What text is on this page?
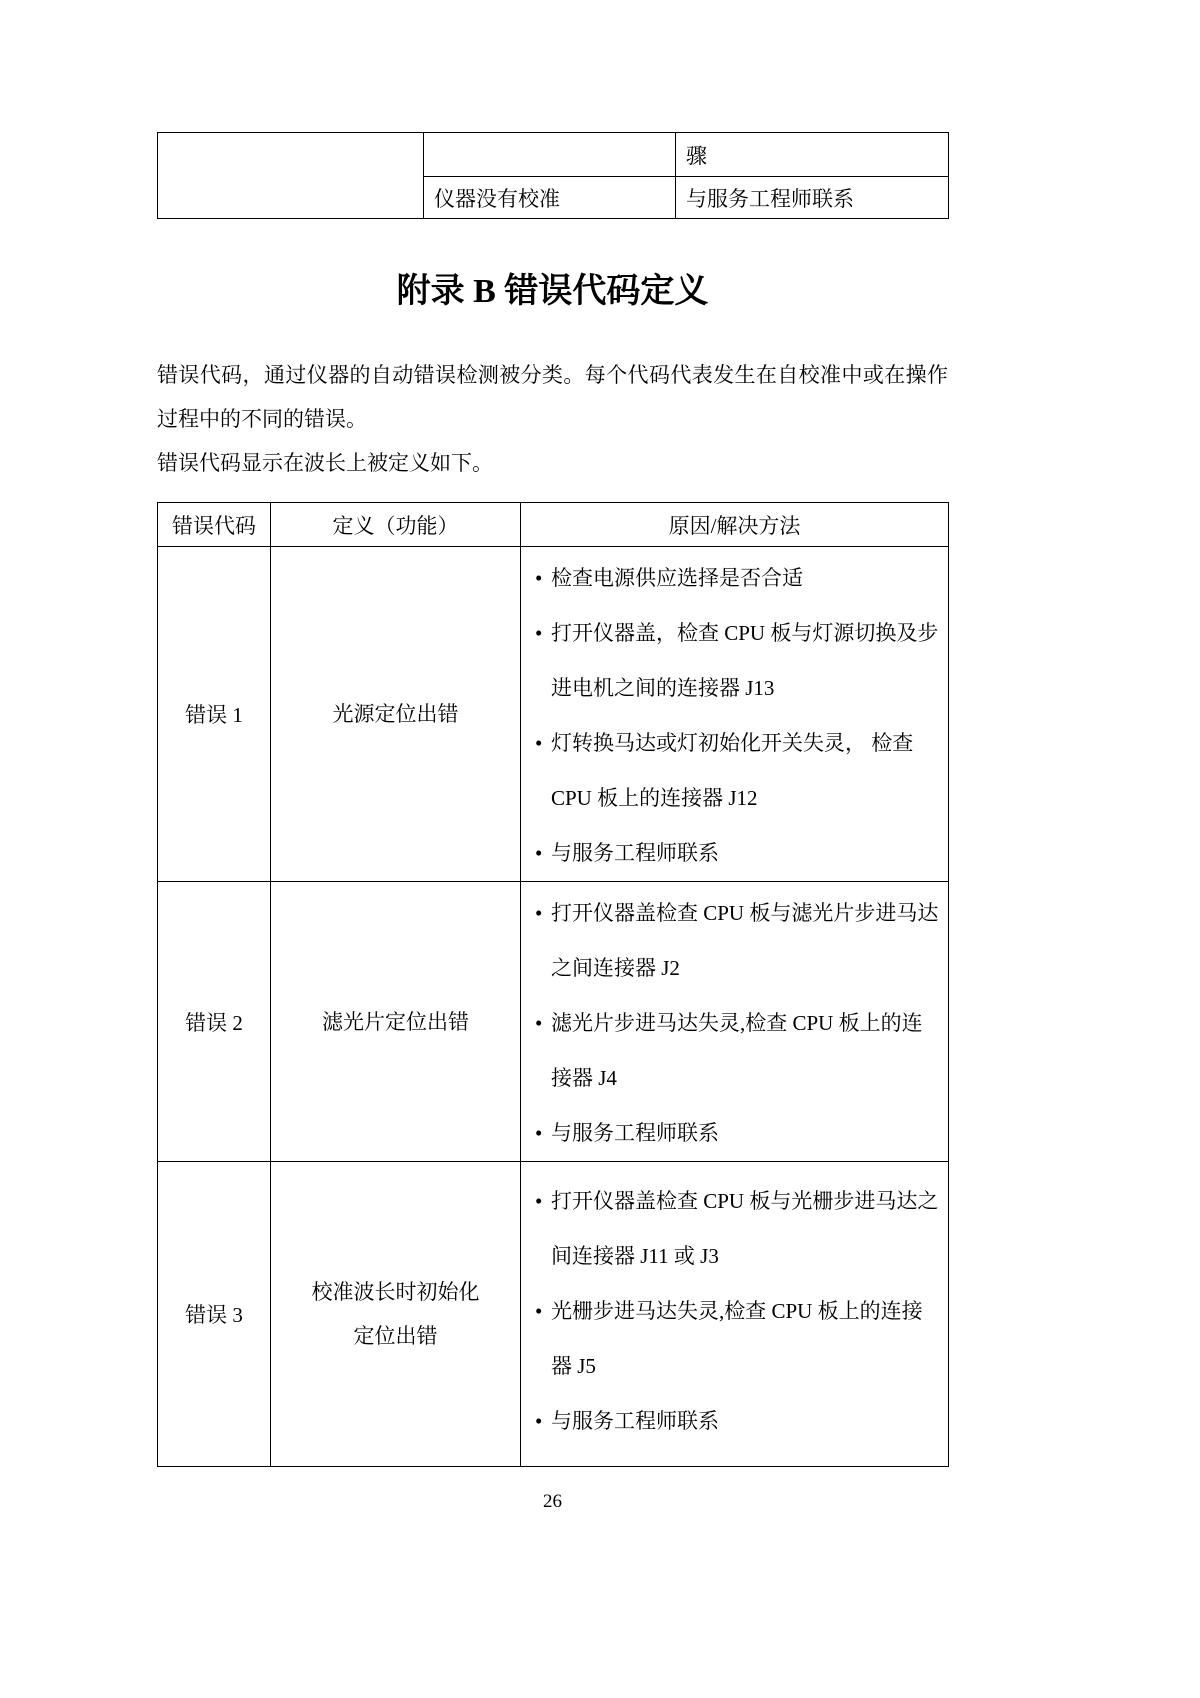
		骤
	仪器没有校准	与服务工程师联系
附录 B 错误代码定义

错误代码，通过仪器的自动错误检测被分类。每个代码代表发生在自校准中或在操作过程中的不同的错误。

错误代码显示在波长上被定义如下。

错误代码	定义（功能）	原因/解决方法
错误 1	光源定位出错	• 检查电源供应选择是否合适
• 打开仪器盖，检查 CPU 板与灯源切换及步进电机之间的连接器 J13
• 灯转换马达或灯初始化开关失灵， 检查 CPU 板上的连接器 J12
• 与服务工程师联系

错误 2	滤光片定位出错	• 打开仪器盖检查 CPU 板与滤光片步进马达之间连接器 J2
• 滤光片步进马达失灵,检查 CPU 板上的连接器 J4
• 与服务工程师联系

错误 3	校准波长时初始化定位出错	• 打开仪器盖检查 CPU 板与光栅步进马达之间连接器 J11 或 J3
• 光栅步进马达失灵,检查 CPU 板上的连接器 J5
• 与服务工程师联系
26
